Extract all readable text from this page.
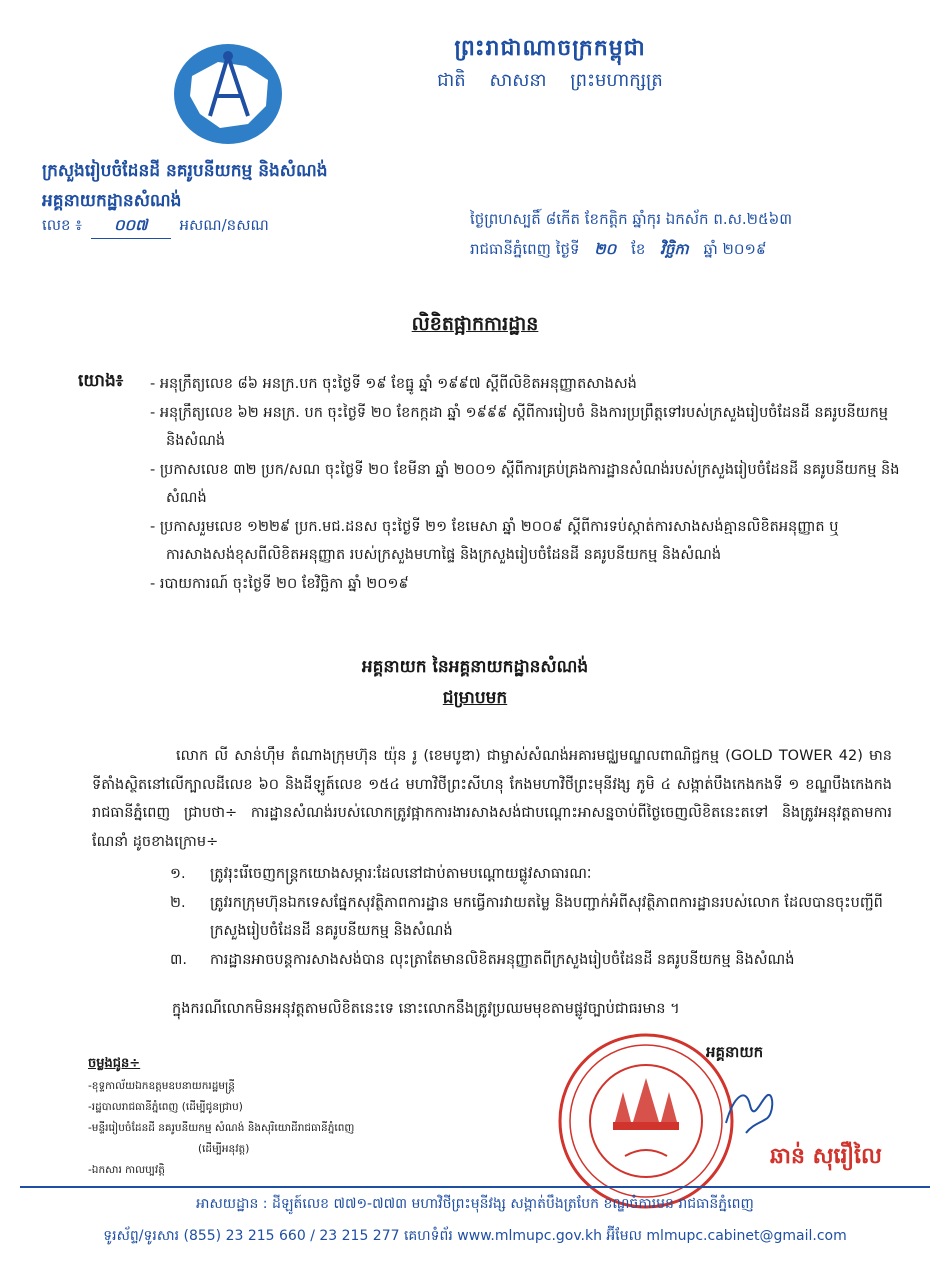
ព្រះរាជាណាចក្រកម្ពុជា
ជាតិ សាសនា ព្រះមហាក្សត្រ
ក្រសួងរៀបចំដែនដី នគរូបនីយកម្ម និងសំណង់
អគ្គនាយកដ្ឋានសំណង់
លេខ ៖ ០០៧ អសណ/នសណ	ថ្ងៃព្រហស្បតិ៍ ៨កើត ខែកត្តិក ឆ្នាំកុរ ឯកស័ក ព.ស.២៥៦៣
រាជធានីភ្នំពេញ ថ្ងៃទី ២០ ខែ វិច្ឆិកា ឆ្នាំ ២០១៩
លិខិតផ្អាកការដ្ឋាន
យោង៖ - អនុក្រឹត្យលេខ ៨៦ អនក្រ.បក ចុះថ្ងៃទី ១៩ ខែធ្នូ ឆ្នាំ ១៩៩៧ ស្ដីពីលិខិតអនុញ្ញាតសាងសង់
- អនុក្រឹត្យលេខ ៦២ អនក្រ. បក ចុះថ្ងៃទី ២០ ខែកក្កដា ឆ្នាំ ១៩៩៩ ស្ដីពីការរៀបចំ និងការប្រព្រឹត្តទៅរបស់ក្រសួងរៀបចំដែនដី នគរូបនីយកម្ម និងសំណង់
- ប្រកាសលេខ ៣២ ប្រក/សណ ចុះថ្ងៃទី ២០ ខែមីនា ឆ្នាំ ២០០១ ស្ដីពីការគ្រប់គ្រងការដ្ឋានសំណង់របស់ក្រសួងរៀបចំដែនដី នគរូបនីយកម្ម និងសំណង់
- ប្រកាសរួមលេខ ១២២៩ ប្រក.មជ.ដនស ចុះថ្ងៃទី ២១ ខែមេសា ឆ្នាំ ២០០៩ ស្ដីពីការទប់ស្កាត់ការសាងសង់គ្មានលិខិតអនុញ្ញាត ឬ ការសាងសង់ខុសពីលិខិតអនុញ្ញាត របស់ក្រសួងមហាផ្ទៃ និងក្រសួងរៀបចំដែនដី នគរូបនីយកម្ម និងសំណង់
- របាយការណ៍ ចុះថ្ងៃទី ២០ ខែវិច្ឆិកា ឆ្នាំ ២០១៩
អគ្គនាយក នៃអគ្គនាយកដ្ឋានសំណង់
ជម្រាបមក
លោក លី សាន់ហ៊ឹម តំណាងក្រុមហ៊ុន យ៉ុន រូ (ខេមបូឌា) ជាម្ចាស់សំណង់អគារមជ្ឈមណ្ឌលពាណិជ្ជកម្ម (GOLD TOWER 42) មានទីតាំងស្ថិតនៅលើក្បាលដីលេខ ៦០ និងដីឡូត៍លេខ ១៥៤ មហាវិថីព្រះសីហនុ កែងមហាវិថីព្រះមុនីវង្ស ភូមិ ៤ សង្កាត់បឹងកេងកងទី ១ ខណ្ឌបឹងកេងកង រាជធានីភ្នំពេញ ជ្រាបថា÷ ការដ្ឋានសំណង់របស់លោកត្រូវផ្អាកការងារសាងសង់ជាបណ្ដោះអាសន្នចាប់ពីថ្ងៃចេញលិខិតនេះតទៅ និងត្រូវអនុវត្តតាមការណែនាំ ដូចខាងក្រោម÷
១.	ត្រូវរុះរើចេញកន្ត្រកយោងសម្ភារៈដែលនៅជាប់តាមបណ្ដោយផ្លូវសាធារណៈ
២.	ត្រូវរកក្រុមហ៊ុនឯកទេសផ្នែកសុវត្ថិភាពការដ្ឋាន មកធ្វើការវាយតម្លៃ និងបញ្ជាក់អំពីសុវត្ថិភាពការដ្ឋានរបស់លោក ដែលបានចុះបញ្ជីពីក្រសួងរៀបចំដែនដី នគរូបនីយកម្ម និងសំណង់
៣.	ការដ្ឋានអាចបន្តការសាងសង់បាន លុះត្រាតែមានលិខិតអនុញ្ញាតពីក្រសួងរៀបចំដែនដី នគរូបនីយកម្ម និងសំណង់
ក្នុងករណីលោកមិនអនុវត្តតាមលិខិតនេះទេ នោះលោកនឹងត្រូវប្រឈមមុខតាមផ្លូវច្បាប់ជាធរមាន ។
ចម្លងជូន÷
-ខុទ្ទកាល័យឯកឧត្ដមឧបនាយករដ្ឋមន្ត្រី
-រដ្ឋបាលរាជធានីភ្នំពេញ (ដើម្បីជូនជ្រាប)
-មន្ទីររៀបចំដែនដី នគរូបនីយកម្ម សំណង់ និងសុរិយោដីរាជធានីភ្នំពេញ
(ដើម្បីអនុវត្ត)
-ឯកសារ កាលប្បវត្តិ
អគ្គនាយក
ឆាន់ សុរឿលៃ
អាសយដ្ឋាន : ដីឡូត៍លេខ ៧៧១-៧៧៣ មហាវិថីព្រះមុនីវង្ស សង្កាត់បឹងត្របែក ខណ្ឌចំការមន រាជធានីភ្នំពេញ
ទូរស័ព្ទ/ទូរសារ (855) 23 215 660 / 23 215 277 គេហទំព័រ www.mlmupc.gov.kh អ៊ីមែល mlmupc.cabinet@gmail.com
